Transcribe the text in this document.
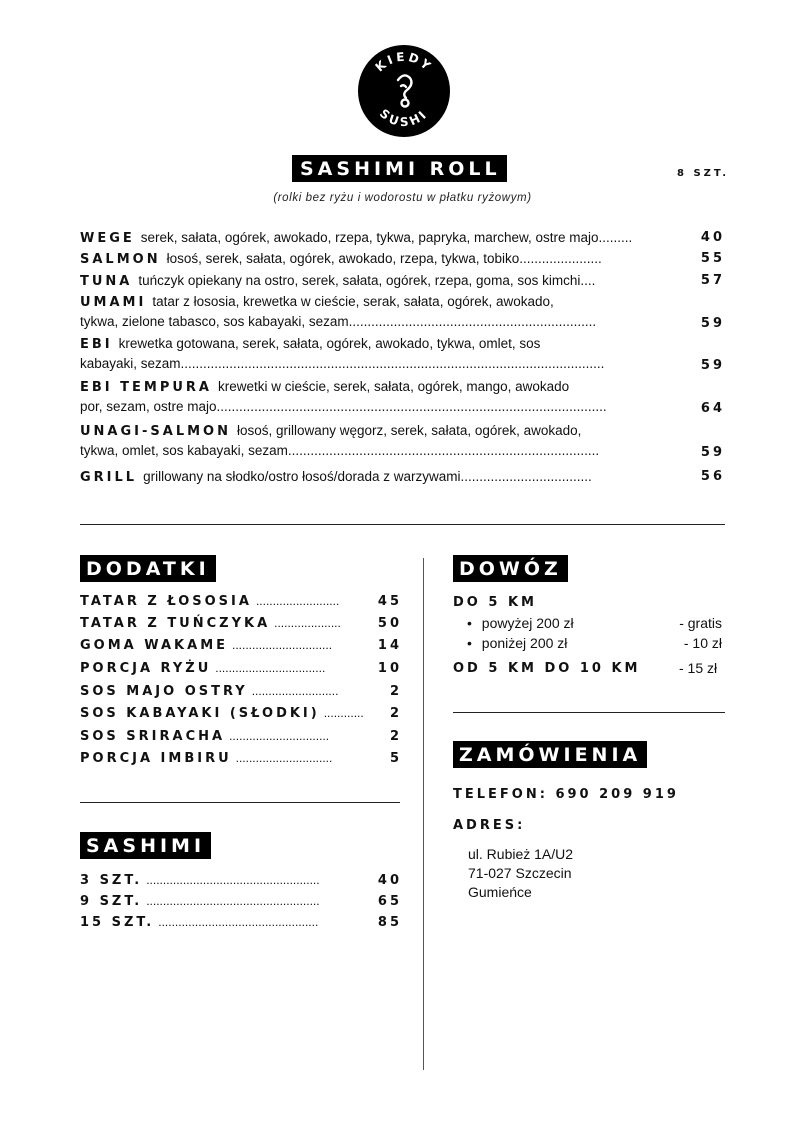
KIEDY
SUSHI
SASHIMI ROLL	8 SZT.
(rolki bez ryżu i wodorostu w płatku ryżowym)
WEGE serek, sałata, ogórek, awokado, rzepa, tykwa, papryka, marchew, ostre majo.........	40
SALMON łosoś, serek, sałata, ogórek, awokado, rzepa, tykwa, tobiko......................	55
TUNA tuńczyk opiekany na ostro, serek, sałata, ogórek, rzepa, goma, sos kimchi....	57
UMAMI tatar z łososia, krewetka w cieście, serak, sałata, ogórek, awokado,
tykwa, zielone tabasco, sos kabayaki, sezam..................................................................	59
EBI krewetka gotowana, serek, sałata, ogórek, awokado, tykwa, omlet, sos
kabayaki, sezam.................................................................................................................	59
EBI TEMPURA krewetki w cieście, serek, sałata, ogórek, mango, awokado
por, sezam, ostre majo........................................................................................................	64
UNAGI-SALMON łosoś, grillowany węgorz, serek, sałata, ogórek, awokado,
tykwa, omlet, sos kabayaki, sezam...................................................................................	59
GRILL grillowany na słodko/ostro łosoś/dorada z warzywami...................................	56
DODATKI
TATAR Z ŁOSOSIA .........................	45
TATAR Z TUŃCZYKA ....................	50
GOMA WAKAME ..............................	14
PORCJA RYŻU .................................	10
SOS MAJO OSTRY ..........................	2
SOS KABAYAKI (SŁODKI) ............ 2
SOS SRIRACHA ..............................	2
PORCJA IMBIRU .............................	5
SASHIMI
3 SZT. ....................................................	40
9 SZT. ....................................................	65
15 SZT. ................................................	85
DOWÓZ
DO 5 KM
• powyżej 200 zł	- gratis
• poniżej 200 zł	- 10 zł
OD 5 KM DO 10 KM	- 15 zł
ZAMÓWIENIA
TELEFON: 690 209 919
ADRES:
ul. Rubież 1A/U2
71-027 Szczecin
Gumieńce
